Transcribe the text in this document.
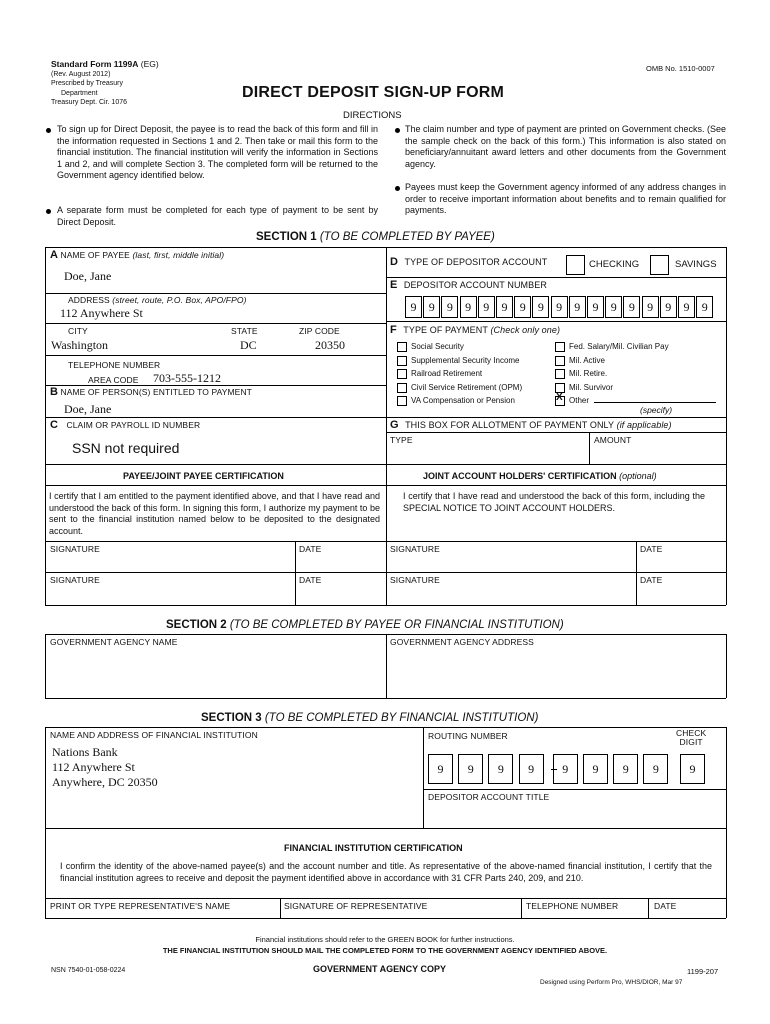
Standard Form 1199A (EG)
(Rev. August 2012)
Prescribed by Treasury
Department
Treasury Dept. Cir. 1076
OMB No. 1510-0007
DIRECT DEPOSIT SIGN-UP FORM
DIRECTIONS
To sign up for Direct Deposit, the payee is to read the back of this form and fill in the information requested in Sections 1 and 2. Then take or mail this form to the financial institution. The financial institution will verify the information in Sections 1 and 2, and will complete Section 3. The completed form will be returned to the Government agency identified below.
A separate form must be completed for each type of payment to be sent by Direct Deposit.
The claim number and type of payment are printed on Government checks. (See the sample check on the back of this form.) This information is also stated on beneficiary/annuitant award letters and other documents from the Government agency.
Payees must keep the Government agency informed of any address changes in order to receive important information about benefits and to remain qualified for payments.
SECTION 1 (TO BE COMPLETED BY PAYEE)
A NAME OF PAYEE (last, first, middle initial)
Doe, Jane
ADDRESS (street, route, P.O. Box, APO/FPO)
112 Anywhere St
CITY	STATE	ZIP CODE
Washington	DC	20350
TELEPHONE NUMBER
AREA CODE 703-555-1212
B NAME OF PERSON(S) ENTITLED TO PAYMENT
Doe, Jane
C CLAIM OR PAYROLL ID NUMBER
SSN not required
D TYPE OF DEPOSITOR ACCOUNT	CHECKING	SAVINGS
E DEPOSITOR ACCOUNT NUMBER
9	9	9	9	9	9	9	9	9	9	9	9	9	9	9	9	9
F TYPE OF PAYMENT (Check only one)
Social Security
Supplemental Security Income
Railroad Retirement
Civil Service Retirement (OPM)
VA Compensation or Pension
Fed. Salary/Mil. Civilian Pay
Mil. Active
Mil. Retire.
Mil. Survivor
Other
X
(specify)
G THIS BOX FOR ALLOTMENT OF PAYMENT ONLY (if applicable)
TYPE	AMOUNT
PAYEE/JOINT PAYEE CERTIFICATION	JOINT ACCOUNT HOLDERS' CERTIFICATION (optional)
I certify that I am entitled to the payment identified above, and that I have read and understood the back of this form. In signing this form, I authorize my payment to be sent to the financial institution named below to be deposited to the designated account.
I certify that I have read and understood the back of this form, including the SPECIAL NOTICE TO JOINT ACCOUNT HOLDERS.
SIGNATURE	DATE	SIGNATURE	DATE
SIGNATURE	DATE	SIGNATURE	DATE
SECTION 2 (TO BE COMPLETED BY PAYEE OR FINANCIAL INSTITUTION)
GOVERNMENT AGENCY NAME	GOVERNMENT AGENCY ADDRESS
SECTION 3 (TO BE COMPLETED BY FINANCIAL INSTITUTION)
NAME AND ADDRESS OF FINANCIAL INSTITUTION
Nations Bank
112 Anywhere St
Anywhere, DC 20350
ROUTING NUMBER	CHECK
DIGIT
9	9	9	9	9	9	9	9	9
DEPOSITOR ACCOUNT TITLE
FINANCIAL INSTITUTION CERTIFICATION
I confirm the identity of the above-named payee(s) and the account number and title. As representative of the above-named financial institution, I certify that the financial institution agrees to receive and deposit the payment identified above in accordance with 31 CFR Parts 240, 209, and 210.
PRINT OR TYPE REPRESENTATIVE'S NAME	SIGNATURE OF REPRESENTATIVE	TELEPHONE NUMBER	DATE
Financial institutions should refer to the GREEN BOOK for further instructions.
THE FINANCIAL INSTITUTION SHOULD MAIL THE COMPLETED FORM TO THE GOVERNMENT AGENCY IDENTIFIED ABOVE.
NSN 7540-01-058-0224	GOVERNMENT AGENCY COPY	1199-207
Designed using Perform Pro, WHS/DIOR, Mar 97
